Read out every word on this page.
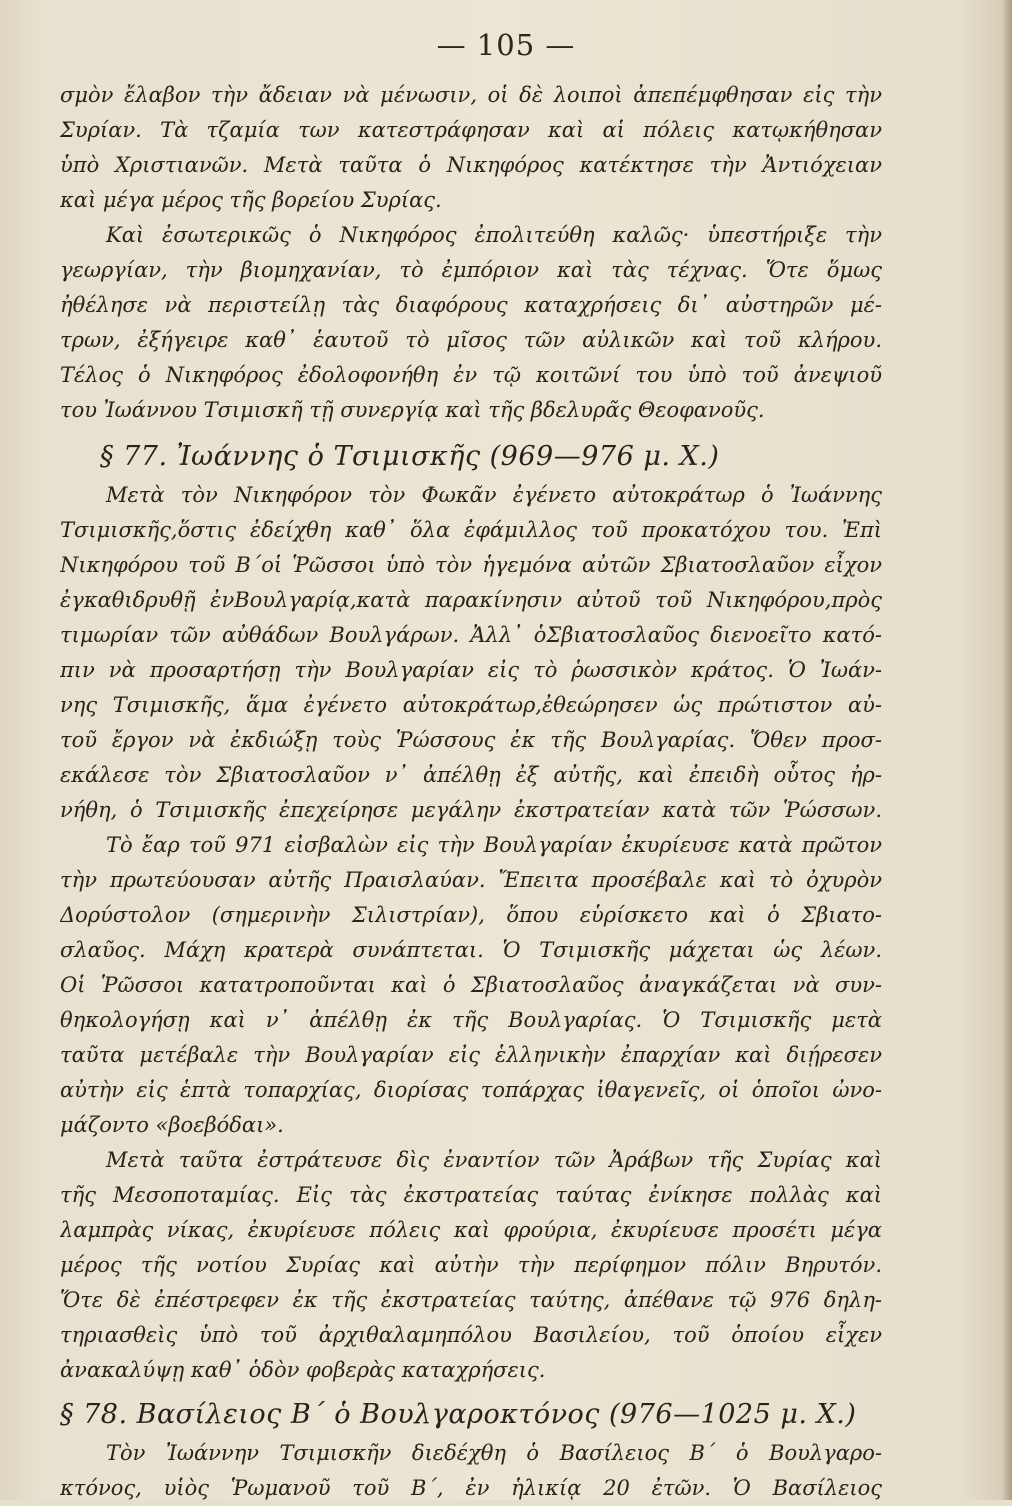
— 105 —
σμὸν ἔλαβον τὴν ἄδειαν νὰ μένωσιν, οἱ δὲ λοιποὶ ἀπεπέμφθησαν εἰς τὴν
Συρίαν. Τὰ τζαμία των κατεστράφησαν καὶ αἱ πόλεις κατῳκήθησαν
ὑπὸ Χριστιανῶν. Μετὰ ταῦτα ὁ Νικηφόρος κατέκτησε τὴν Ἀντιόχειαν
καὶ μέγα μέρος τῆς βορείου Συρίας.
Καὶ ἐσωτερικῶς ὁ Νικηφόρος ἐπολιτεύθη καλῶς· ὑπεστήριξε τὴν
γεωργίαν, τὴν βιομηχανίαν, τὸ ἐμπόριον καὶ τὰς τέχνας. Ὅτε ὅμως
ἠθέλησε νὰ περιστείλῃ τὰς διαφόρους καταχρήσεις δι᾽ αὐστηρῶν μέ-
τρων, ἐξήγειρε καθ᾽ ἑαυτοῦ τὸ μῖσος τῶν αὐλικῶν καὶ τοῦ κλήρου.
Τέλος ὁ Νικηφόρος ἐδολοφονήθη ἐν τῷ κοιτῶνί του ὑπὸ τοῦ ἀνεψιοῦ
του Ἰωάννου Τσιμισκῆ τῇ συνεργίᾳ καὶ τῆς βδελυρᾶς Θεοφανοῦς.
§ 77. Ἰωάννης ὁ Τσιμισκῆς (969—976 μ. Χ.)
Μετὰ τὸν Νικηφόρον τὸν Φωκᾶν ἐγένετο αὐτοκράτωρ ὁ Ἰωάννης
Τσιμισκῆς,ὅστις ἐδείχθη καθ᾽ ὅλα ἐφάμιλλος τοῦ προκατόχου του. Ἐπὶ
Νικηφόρου τοῦ Β΄οἱ Ῥῶσσοι ὑπὸ τὸν ἡγεμόνα αὐτῶν Σβιατοσλαῦον εἶχον
ἐγκαθιδρυθῇ ἐνΒουλγαρίᾳ,κατὰ παρακίνησιν αὐτοῦ τοῦ Νικηφόρου,πρὸς
τιμωρίαν τῶν αὐθάδων Βουλγάρων. Ἀλλ᾽ ὁΣβιατοσλαῦος διενοεῖτο κατό-
πιν νὰ προσαρτήσῃ τὴν Βουλγαρίαν εἰς τὸ ῥωσσικὸν κράτος. Ὁ Ἰωάν-
νης Τσιμισκῆς, ἅμα ἐγένετο αὐτοκράτωρ,ἐθεώρησεν ὡς πρώτιστον αὐ-
τοῦ ἔργον νὰ ἐκδιώξῃ τοὺς Ῥώσσους ἐκ τῆς Βουλγαρίας. Ὅθεν προσ-
εκάλεσε τὸν Σβιατοσλαῦον ν᾽ ἀπέλθῃ ἐξ αὐτῆς, καὶ ἐπειδὴ οὗτος ἠρ-
νήθη, ὁ Τσιμισκῆς ἐπεχείρησε μεγάλην ἐκστρατείαν κατὰ τῶν Ῥώσσων.
Τὸ ἔαρ τοῦ 971 εἰσβαλὼν εἰς τὴν Βουλγαρίαν ἐκυρίευσε κατὰ πρῶτον
τὴν πρωτεύουσαν αὐτῆς Πραισλαύαν. Ἔπειτα προσέβαλε καὶ τὸ ὀχυρὸν
Δορύστολον (σημερινὴν Σιλιστρίαν), ὅπου εὑρίσκετο καὶ ὁ Σβιατο-
σλαῦος. Μάχη κρατερὰ συνάπτεται. Ὁ Τσιμισκῆς μάχεται ὡς λέων.
Οἱ Ῥῶσσοι κατατροποῦνται καὶ ὁ Σβιατοσλαῦος ἀναγκάζεται νὰ συν-
θηκολογήσῃ καὶ ν᾽ ἀπέλθῃ ἐκ τῆς Βουλγαρίας. Ὁ Τσιμισκῆς μετὰ
ταῦτα μετέβαλε τὴν Βουλγαρίαν εἰς ἑλληνικὴν ἐπαρχίαν καὶ διῄρεσεν
αὐτὴν εἰς ἑπτὰ τοπαρχίας, διορίσας τοπάρχας ἰθαγενεῖς, οἱ ὁποῖοι ὠνο-
μάζοντο «βοεβόδαι».
Μετὰ ταῦτα ἐστράτευσε δὶς ἐναντίον τῶν Ἀράβων τῆς Συρίας καὶ
τῆς Μεσοποταμίας. Εἰς τὰς ἐκστρατείας ταύτας ἐνίκησε πολλὰς καὶ
λαμπρὰς νίκας, ἐκυρίευσε πόλεις καὶ φρούρια, ἐκυρίευσε προσέτι μέγα
μέρος τῆς νοτίου Συρίας καὶ αὐτὴν τὴν περίφημον πόλιν Βηρυτόν.
Ὅτε δὲ ἐπέστρεφεν ἐκ τῆς ἐκστρατείας ταύτης, ἀπέθανε τῷ 976 δηλη-
τηριασθεὶς ὑπὸ τοῦ ἀρχιθαλαμηπόλου Βασιλείου, τοῦ ὁποίου εἶχεν
ἀνακαλύψῃ καθ᾽ ὁδὸν φοβερὰς καταχρήσεις.
§ 78. Βασίλειος Β΄ ὁ Βουλγαροκτόνος (976—1025 μ. Χ.)
Τὸν Ἰωάννην Τσιμισκῆν διεδέχθη ὁ Βασίλειος Β΄ ὁ Βουλγαρο-
κτόνος, υἱὸς Ῥωμανοῦ τοῦ Β΄, ἐν ἡλικίᾳ 20 ἐτῶν. Ὁ Βασίλειος
